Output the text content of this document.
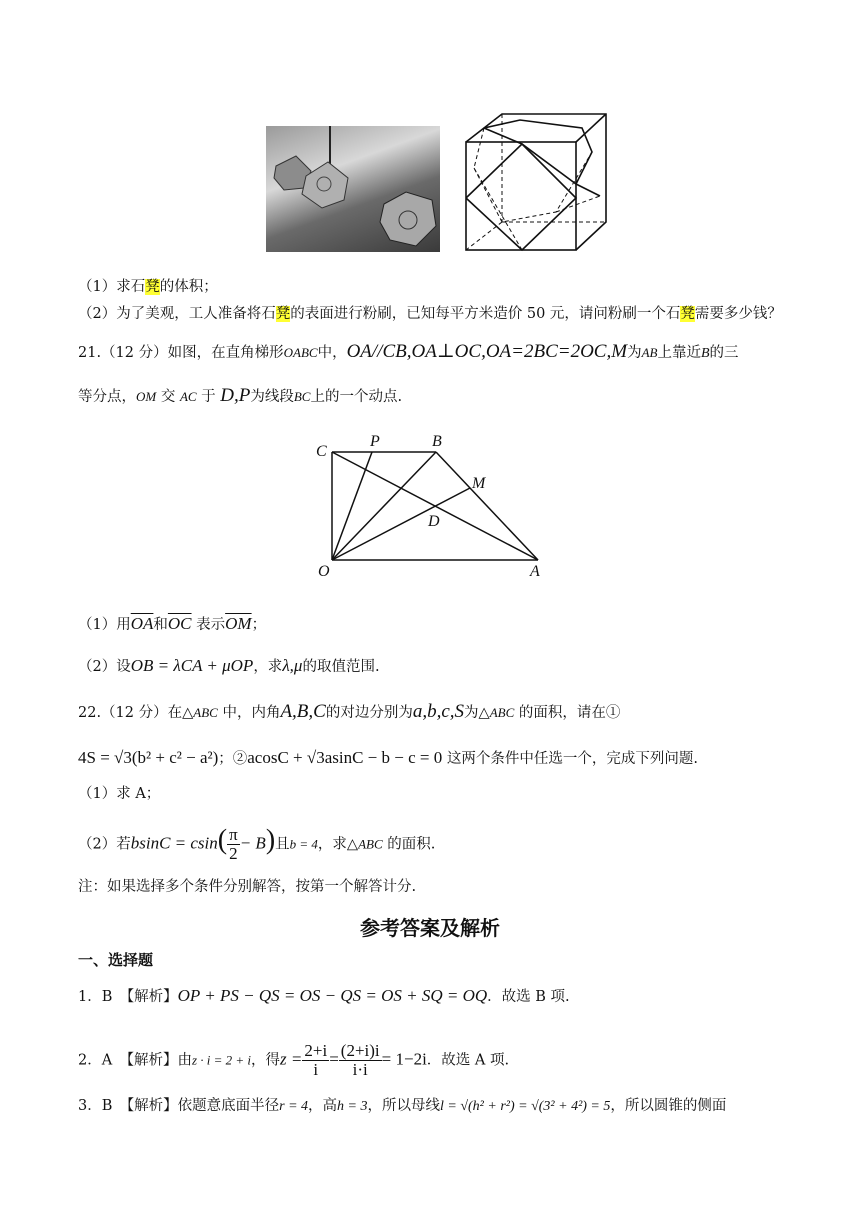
（1）求石凳的体积；
（2）为了美观，工人准备将石凳的表面进行粉刷，已知每平方米造价 50 元，请问粉刷一个石凳需要多少钱？
21.（12 分）如图，在直角梯形OABC中，OA//CB,OA⊥OC,OA=2BC=2OC,M为AB上靠近B的三
等分点，OM 交 AC 于 D,P为线段BC上的一个动点.
C
P	B
M
D
O	A
（1）用$\overline{OA}$和$\overline{OC}$ 表示$\overline{OM}$；
（2）设OB = λCA + μOP，求λ,μ的取值范围.
22.（12 分）在△ABC 中，内角A,B,C的对边分别为a,b,c,S为△ABC 的面积，请在①
4S = √3(b² + c² − a²)；②acosC + √3asinC − b − c = 0 这两个条件中任选一个，完成下列问题.
（1）求 A；
（2）若$bsinC = csin( \frac{\pi}{2} - B)$且b = 4，求△ABC 的面积.
注：如果选择多个条件分别解答，按第一个解答计分.
参考答案及解析
一、选择题
1．B　【解析】OP + PS − QS = OS − QS = OS + SQ = OQ．故选 B 项.
2．A　【解析】由z · i = 2 + i，得$z = \frac{2+i}{i} = \frac{(2+i)i}{i\cdot i} = 1-2i$．故选 A 项.
3．B　【解析】依题意底面半径r = 4，高h = 3，所以母线l = √(h² + r²) = √(3² + 4²) = 5，所以圆锥的侧面
